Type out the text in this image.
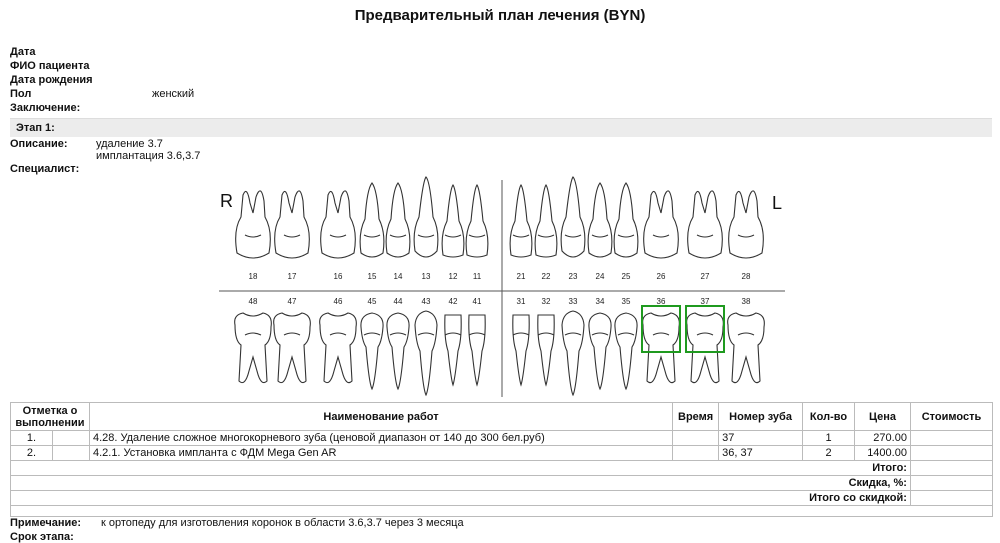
Предварительный план лечения (BYN)
Дата
ФИО пациента
Дата рождения
Пол	женский
Заключение:
Этап 1:
Описание:	удаление 3.7
имплантация 3.6,3.7
Специалист:
R	L
18	17	16	15 14 13 12 11	21 22 23 24 25	26	27	28
48	47	46	45 44 43 42 41	31 32 33 34 35	36	37	38
Отметка о выполнении		Наименование работ	Время	Номер зуба	Кол-во	Цена	Стоимость
1.		4.28. Удаление сложное многокорневого зуба (ценовой диапазон от 140 до 300 бел.руб)		37	1	270.00	
2.		4.2.1. Установка имплантa с ФДМ Mega Gen AR		36, 37	2	1400.00	
Итого:							
Скидка, %:							
Итого со скидкой:							

Примечание: к ортопеду для изготовления коронок в области 3.6,3.7 через 3 месяца
Срок этапа:
